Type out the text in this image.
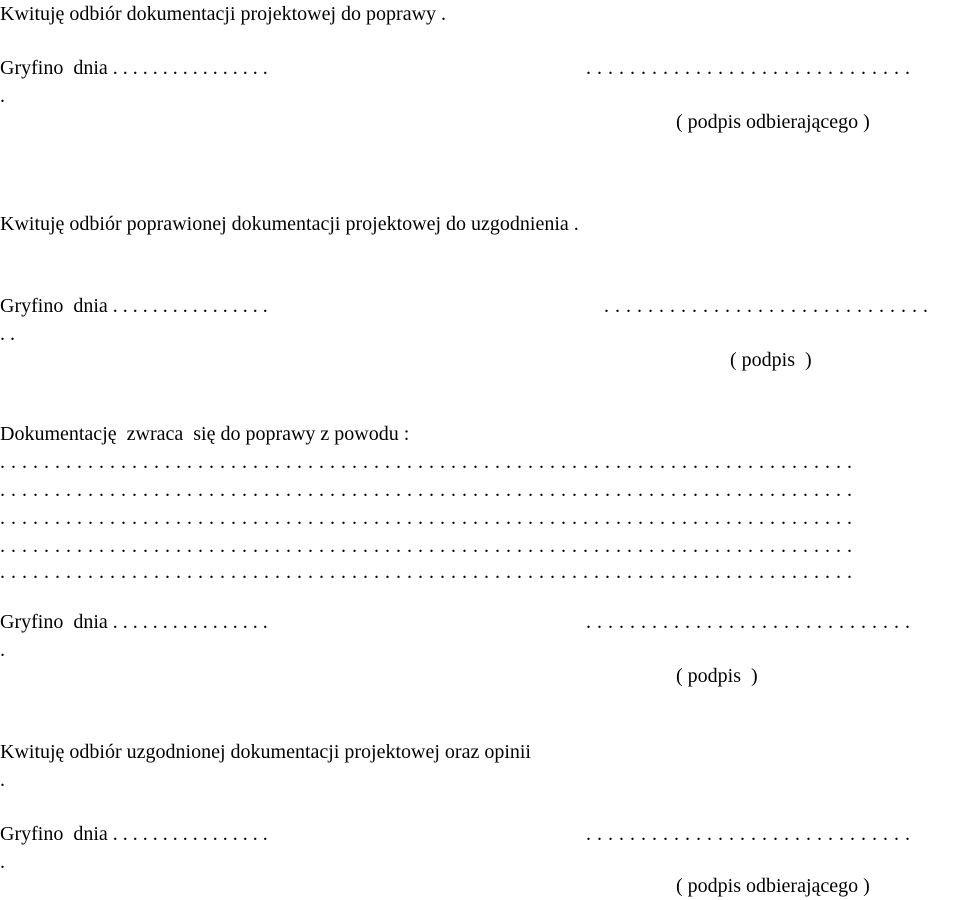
Kwituję odbiór dokumentacji projektowej do poprawy .

Gryfino  dnia . . . . . . . . . . . . . . . .	. . . . . . . . . . . . . . . . . . . . . . . . . . . . . .

.

( podpis odbierającego )

Kwituję odbiór poprawionej dokumentacji projektowej do uzgodnienia .

Gryfino  dnia . . . . . . . . . . . . . . . .	. . . . . . . . . . . . . . . . . . . . . . . . . . . . . .

. .

( podpis  )

Dokumentację  zwraca  się do poprawy z powodu :

. . . . . . . . . . . . . . . . . . . . . . . . . . . . . . . . . . . . . . . . . . . . . . . . . . . . . . . . . . . . . . . . . . . . . . . . . . . . . .

. . . . . . . . . . . . . . . . . . . . . . . . . . . . . . . . . . . . . . . . . . . . . . . . . . . . . . . . . . . . . . . . . . . . . . . . . . . . . .

. . . . . . . . . . . . . . . . . . . . . . . . . . . . . . . . . . . . . . . . . . . . . . . . . . . . . . . . . . . . . . . . . . . . . . . . . . . . . .

. . . . . . . . . . . . . . . . . . . . . . . . . . . . . . . . . . . . . . . . . . . . . . . . . . . . . . . . . . . . . . . . . . . . . . . . . . . . . .

. . . . . . . . . . . . . . . . . . . . . . . . . . . . . . . . . . . . . . . . . . . . . . . . . . . . . . . . . . . . . . . . . . . . . . . . . . . . . .

Gryfino  dnia . . . . . . . . . . . . . . . .	. . . . . . . . . . . . . . . . . . . . . . . . . . . . . .

.

( podpis  )

Kwituję odbiór uzgodnionej dokumentacji projektowej oraz opinii

.

Gryfino  dnia . . . . . . . . . . . . . . . .	. . . . . . . . . . . . . . . . . . . . . . . . . . . . . .

.

( podpis odbierającego )
